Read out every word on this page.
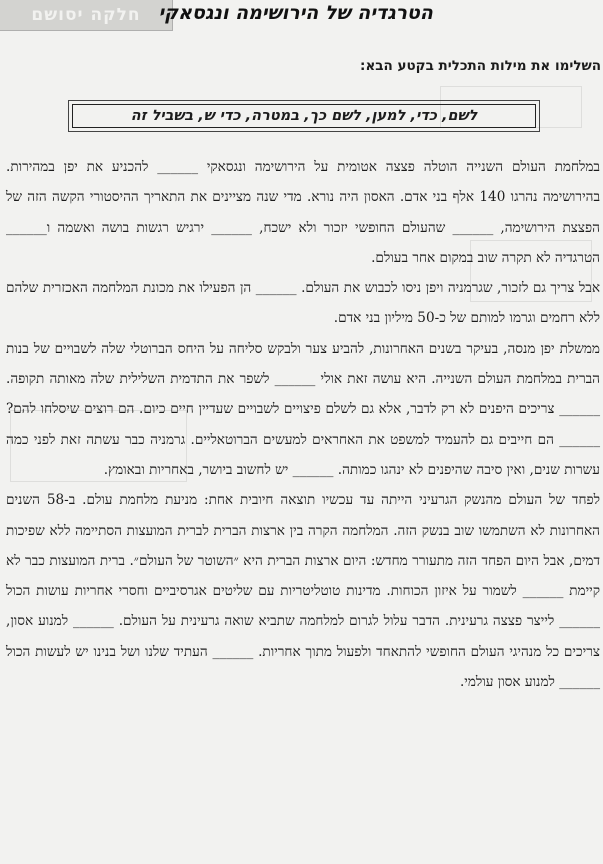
חלקה יסושם הטרגדיה של הירושימה ונגסאקי
השלימו את מילות התכלית בקטע הבא:
לשם, כדי, למען, לשם כך, במטרה, כדי ש, בשביל זה

במלחמת העולם השנייה הוטלה פצצה אטומית על הירושימה ונגסאקי ______ להכניע את יפן במהירות. בהירושימה נהרגו 140 אלף בני אדם. האסון היה נורא. מדי שנה מציינים את התאריך ההיסטורי הקשה הזה של הפצצת הירושימה, ______ שהעולם החופשי יזכור ולא ישכח, ______ ירגיש רגשות בושה ואשמה ו______ הטרגדיה לא תקרה שוב במקום אחר בעולם.

אבל צריך גם לזכור, שגרמניה ויפן ניסו לכבוש את העולם. ______ הן הפעילו את מכונת המלחמה האכזרית שלהם ללא רחמים וגרמו למותם של כ-50 מיליון בני אדם.

ממשלת יפן מנסה, בעיקר בשנים האחרונות, להביע צער ולבקש סליחה על היחס הברוטלי שלה לשבויים של בנות הברית במלחמת העולם השנייה. היא עושה זאת אולי ______ לשפר את התדמית השלילית שלה מאותה תקופה. ______ צריכים היפנים לא רק לדבר, אלא גם לשלם פיצויים לשבויים שעדיין חיים כיום. הם רוצים שיסלחו להם? ______ הם חייבים גם להעמיד למשפט את האחראים למעשים הברוטאליים. גרמניה כבר עשתה זאת לפני כמה עשרות שנים, ואין סיבה שהיפנים לא ינהגו כמותה. ______ יש לחשוב ביושר, באחריות ובאומץ.

לפחד של העולם מהנשק הגרעיני הייתה עד עכשיו תוצאה חיובית אחת: מניעת מלחמת עולם. ב-58 השנים האחרונות לא השתמשו שוב בנשק הזה. המלחמה הקרה בין ארצות הברית לברית המועצות הסתיימה ללא שפיכות דמים, אבל היום הפחד הזה מתעורר מחדש: היום ארצות הברית היא ״השוטר של העולם״. ברית המועצות כבר לא קיימת ______ לשמור על איזון הכוחות. מדינות טוטליטריות עם שליטים אגרסיביים וחסרי אחריות עושות הכול ______ לייצר פצצה גרעינית. הדבר עלול לגרום למלחמה שתביא שואה גרעינית על העולם. ______ למנוע אסון, צריכים כל מנהיגי העולם החופשי להתאחד ולפעול מתוך אחריות. ______ העתיד שלנו ושל בנינו יש לעשות הכול ______ למנוע אסון עולמי.
